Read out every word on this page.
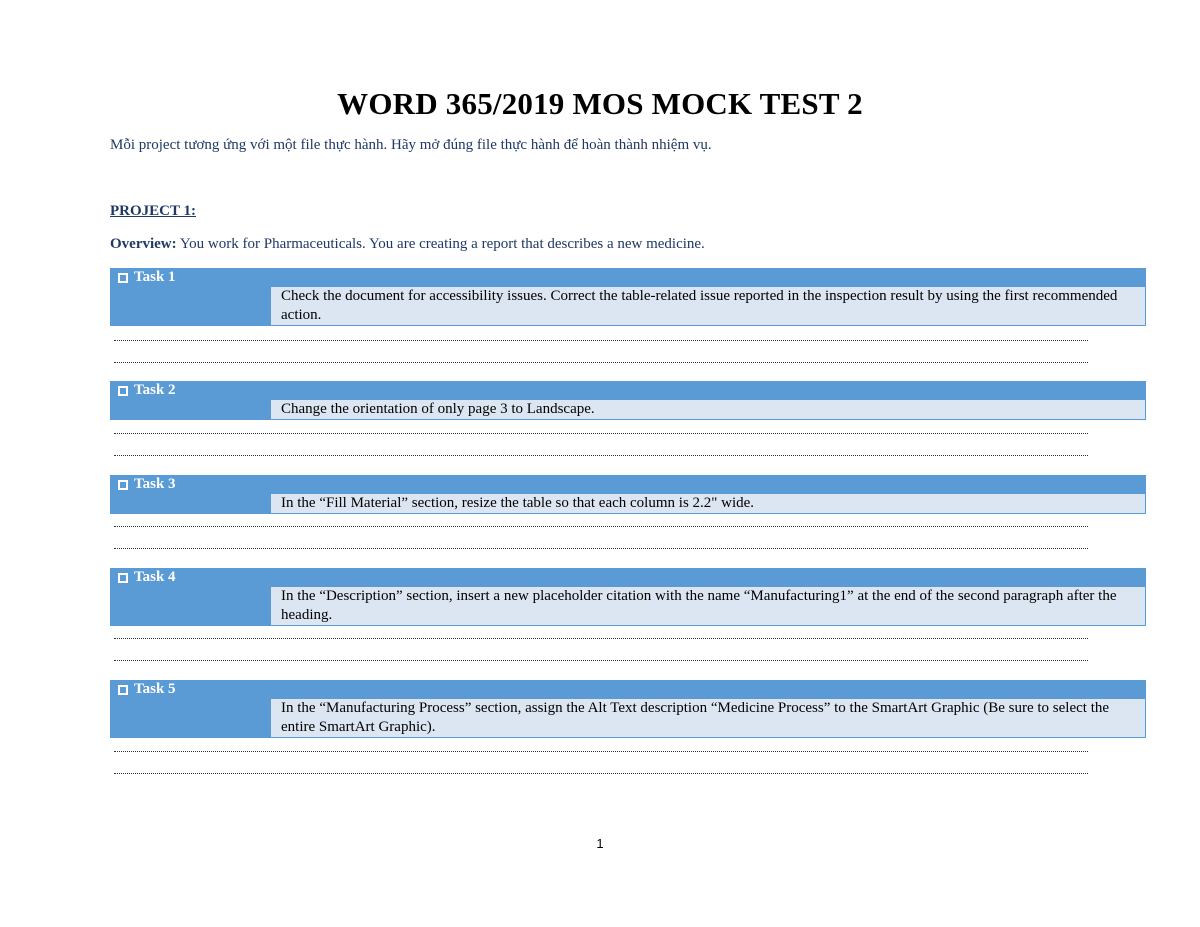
WORD 365/2019 MOS MOCK TEST 2
Mỗi project tương ứng với một file thực hành. Hãy mở đúng file thực hành để hoàn thành nhiệm vụ.
PROJECT 1:
Overview: You work for Pharmaceuticals. You are creating a report that describes a new medicine.
Task 1
Check the document for accessibility issues. Correct the table-related issue reported in the inspection result by using the first recommended action.
Task 2
Change the orientation of only page 3 to Landscape.
Task 3
In the “Fill Material” section, resize the table so that each column is 2.2" wide.
Task 4
In the “Description” section, insert a new placeholder citation with the name “Manufacturing1” at the end of the second paragraph after the heading.
Task 5
In the “Manufacturing Process” section, assign the Alt Text description “Medicine Process” to the SmartArt Graphic (Be sure to select the entire SmartArt Graphic).
1
